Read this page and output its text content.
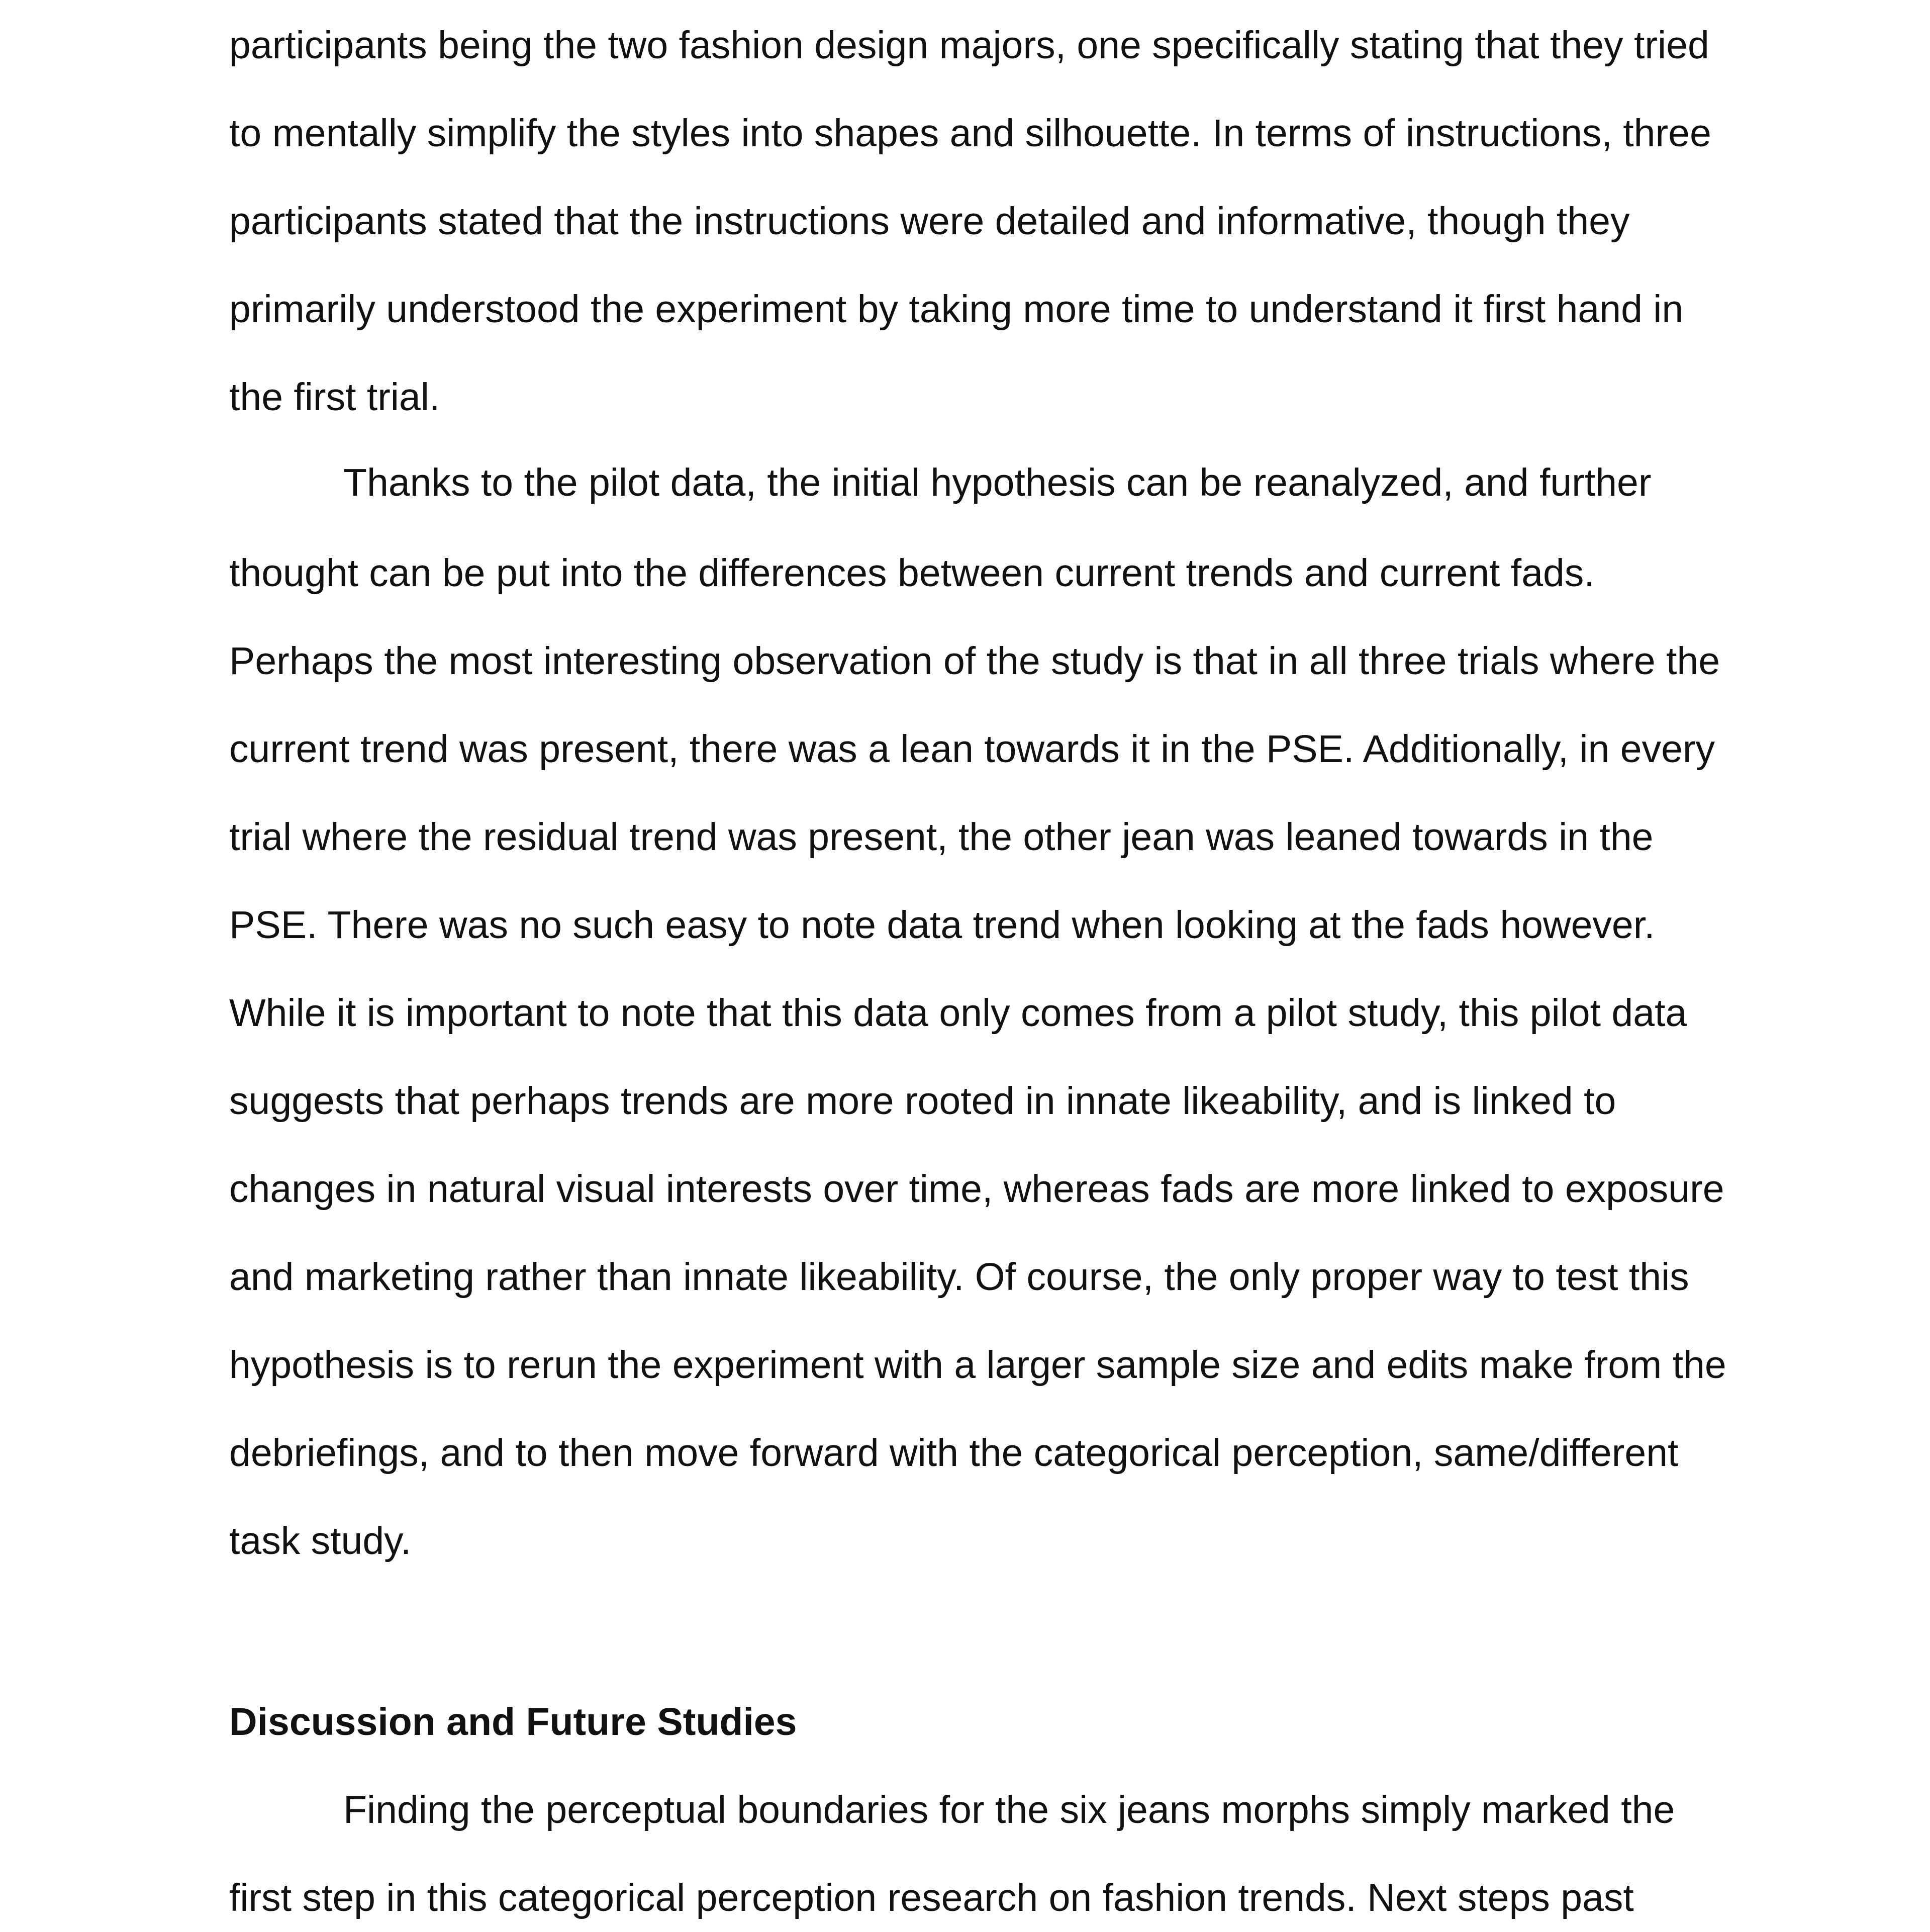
participants being the two fashion design majors, one specifically stating that they tried
to mentally simplify the styles into shapes and silhouette. In terms of instructions, three
participants stated that the instructions were detailed and informative, though they
primarily understood the experiment by taking more time to understand it first hand in
the first trial.
Thanks to the pilot data, the initial hypothesis can be reanalyzed, and further
thought can be put into the differences between current trends and current fads.
Perhaps the most interesting observation of the study is that in all three trials where the
current trend was present, there was a lean towards it in the PSE. Additionally, in every
trial where the residual trend was present, the other jean was leaned towards in the
PSE. There was no such easy to note data trend when looking at the fads however.
While it is important to note that this data only comes from a pilot study, this pilot data
suggests that perhaps trends are more rooted in innate likeability, and is linked to
changes in natural visual interests over time, whereas fads are more linked to exposure
and marketing rather than innate likeability. Of course, the only proper way to test this
hypothesis is to rerun the experiment with a larger sample size and edits make from the
debriefings, and to then move forward with the categorical perception, same/different
task study.
Discussion and Future Studies
Finding the perceptual boundaries for the six jeans morphs simply marked the
first step in this categorical perception research on fashion trends. Next steps past
